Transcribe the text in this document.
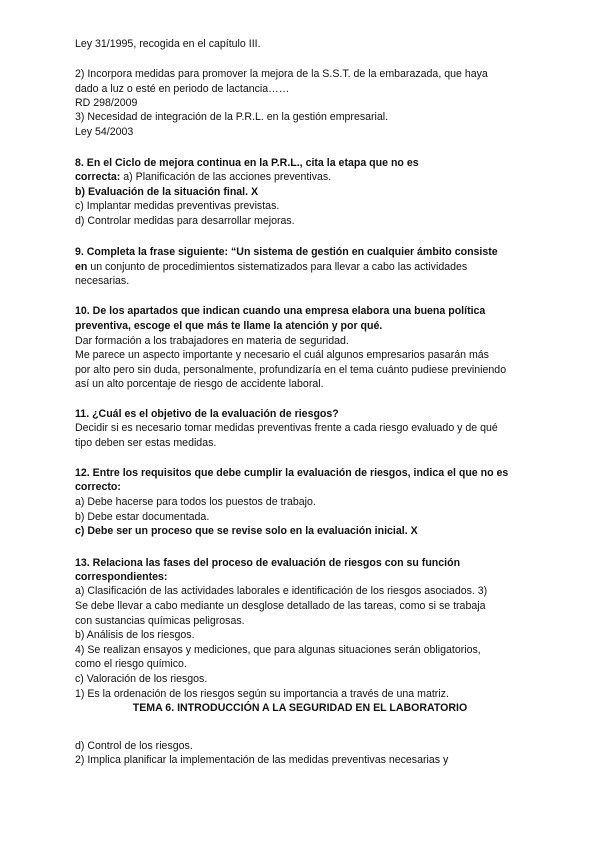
Ley 31/1995, recogida en el capítulo III.
2) Incorpora medidas para promover la mejora de la S.S.T. de la embarazada, que haya
dado a luz o esté en periodo de lactancia……
RD 298/2009
3) Necesidad de integración de la P.R.L. en la gestión empresarial.
Ley 54/2003
8. En el Ciclo de mejora continua en la P.R.L., cita la etapa que no es
correcta: a) Planificación de las acciones preventivas.
b) Evaluación de la situación final. X
c) Implantar medidas preventivas previstas.
d) Controlar medidas para desarrollar mejoras.
9. Completa la frase siguiente: “Un sistema de gestión en cualquier ámbito consiste
en un conjunto de procedimientos sistematizados para llevar a cabo las actividades
necesarias.
10. De los apartados que indican cuando una empresa elabora una buena política
preventiva, escoge el que más te llame la atención y por qué.
Dar formación a los trabajadores en materia de seguridad.
Me parece un aspecto importante y necesario el cuál algunos empresarios pasarán más
por alto pero sin duda, personalmente, profundizaría en el tema cuánto pudiese previniendo
así un alto porcentaje de riesgo de accidente laboral.
11. ¿Cuál es el objetivo de la evaluación de riesgos?
Decidir si es necesario tomar medidas preventivas frente a cada riesgo evaluado y de qué
tipo deben ser estas medidas.
12. Entre los requisitos que debe cumplir la evaluación de riesgos, indica el que no es
correcto:
a) Debe hacerse para todos los puestos de trabajo.
b) Debe estar documentada.
c) Debe ser un proceso que se revise solo en la evaluación inicial. X
13. Relaciona las fases del proceso de evaluación de riesgos con su función
correspondientes:
a) Clasificación de las actividades laborales e identificación de los riesgos asociados. 3)
Se debe llevar a cabo mediante un desglose detallado de las tareas, como si se trabaja
con sustancias químicas peligrosas.
b) Análisis de los riesgos.
4) Se realizan ensayos y mediciones, que para algunas situaciones serán obligatorios,
como el riesgo químico.
c) Valoración de los riesgos.
1) Es la ordenación de los riesgos según su importancia a través de una matriz.
TEMA 6. INTRODUCCIÓN A LA SEGURIDAD EN EL LABORATORIO
d) Control de los riesgos.
2) Implica planificar la implementación de las medidas preventivas necesarias y
